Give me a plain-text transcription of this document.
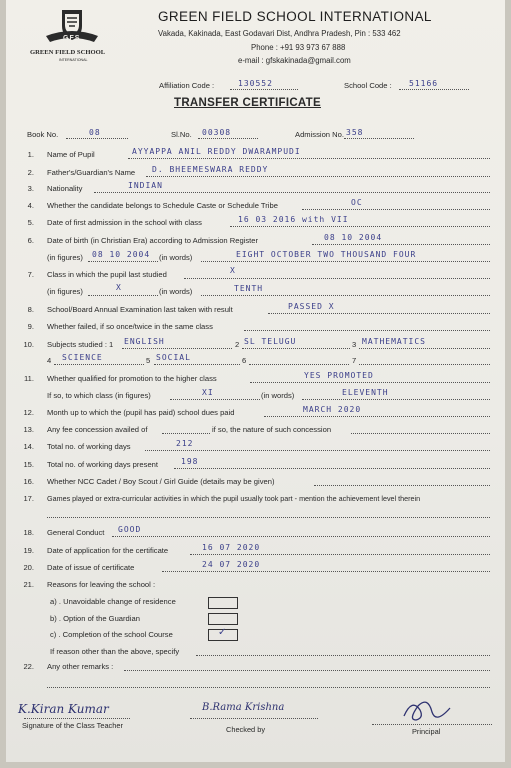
GFS
GREEN FIELD SCHOOL
INTERNATIONAL
GREEN FIELD SCHOOL INTERNATIONAL
Vakada, Kakinada, East Godavari Dist, Andhra Pradesh, Pin : 533 462
Phone : +91 93 973 67 888
e-mail : gfskakinada@gmail.com
Affiliation Code :	130552	School Code : 51166
TRANSFER CERTIFICATE
Book No.	08	Sl.No. 00308	Admission No. 358
1. Name of Pupil	AYYAPPA ANIL REDDY DWARAMPUDI
2. Father's/Guardian's Name D. BHEEMESWARA REDDY
3. Nationality	INDIAN
4. Whether the candidate belongs to Schedule Caste or Schedule Tribe	OC
5. Date of first admission in the school with class	16 03 2016 with VII
6. Date of birth (in Christian Era) according to Admission Register	08 10 2004
(in figures) 08 10 2004 (in words)	EIGHT OCTOBER TWO THOUSAND FOUR
7. Class in which the pupil last studied	X
(in figures)	X	(in words)	TENTH
8. School/Board Annual Examination last taken with result	PASSED X
9. Whether failed, if so once/twice in the same class
10. Subjects studied : 1 ENGLISH	2 SL TELUGU	3 MATHEMATICS
4 SCIENCE	5 SOCIAL	6	7
11. Whether qualified for promotion to the higher class	YES PROMOTED
If so, to which class (in figures)	XI	(in words)	ELEVENTH
12. Month up to which the (pupil has paid) school dues paid	MARCH 2020
13. Any fee concession availed of	if so, the nature of such concession
14. Total no. of working days	212
15. Total no. of working days present	198
16. Whether NCC Cadet / Boy Scout / Girl Guide (details may be given)
17. Games played or extra-curricular activities in which the pupil usually took part - mention the achievement level therein
18. General Conduct GOOD
19. Date of application for the certificate	16 07 2020
20. Date of issue of certificate	24 07 2020
21. Reasons for leaving the school :
a) . Unavoidable change of residence
b) . Option of the Guardian
c) . Completion of the school Course	✓
If reason other than the above, specify
22. Any other remarks :
K.Kiran Kumar	B.Rama Krishna
Signature of the Class Teacher	Checked by	Principal
